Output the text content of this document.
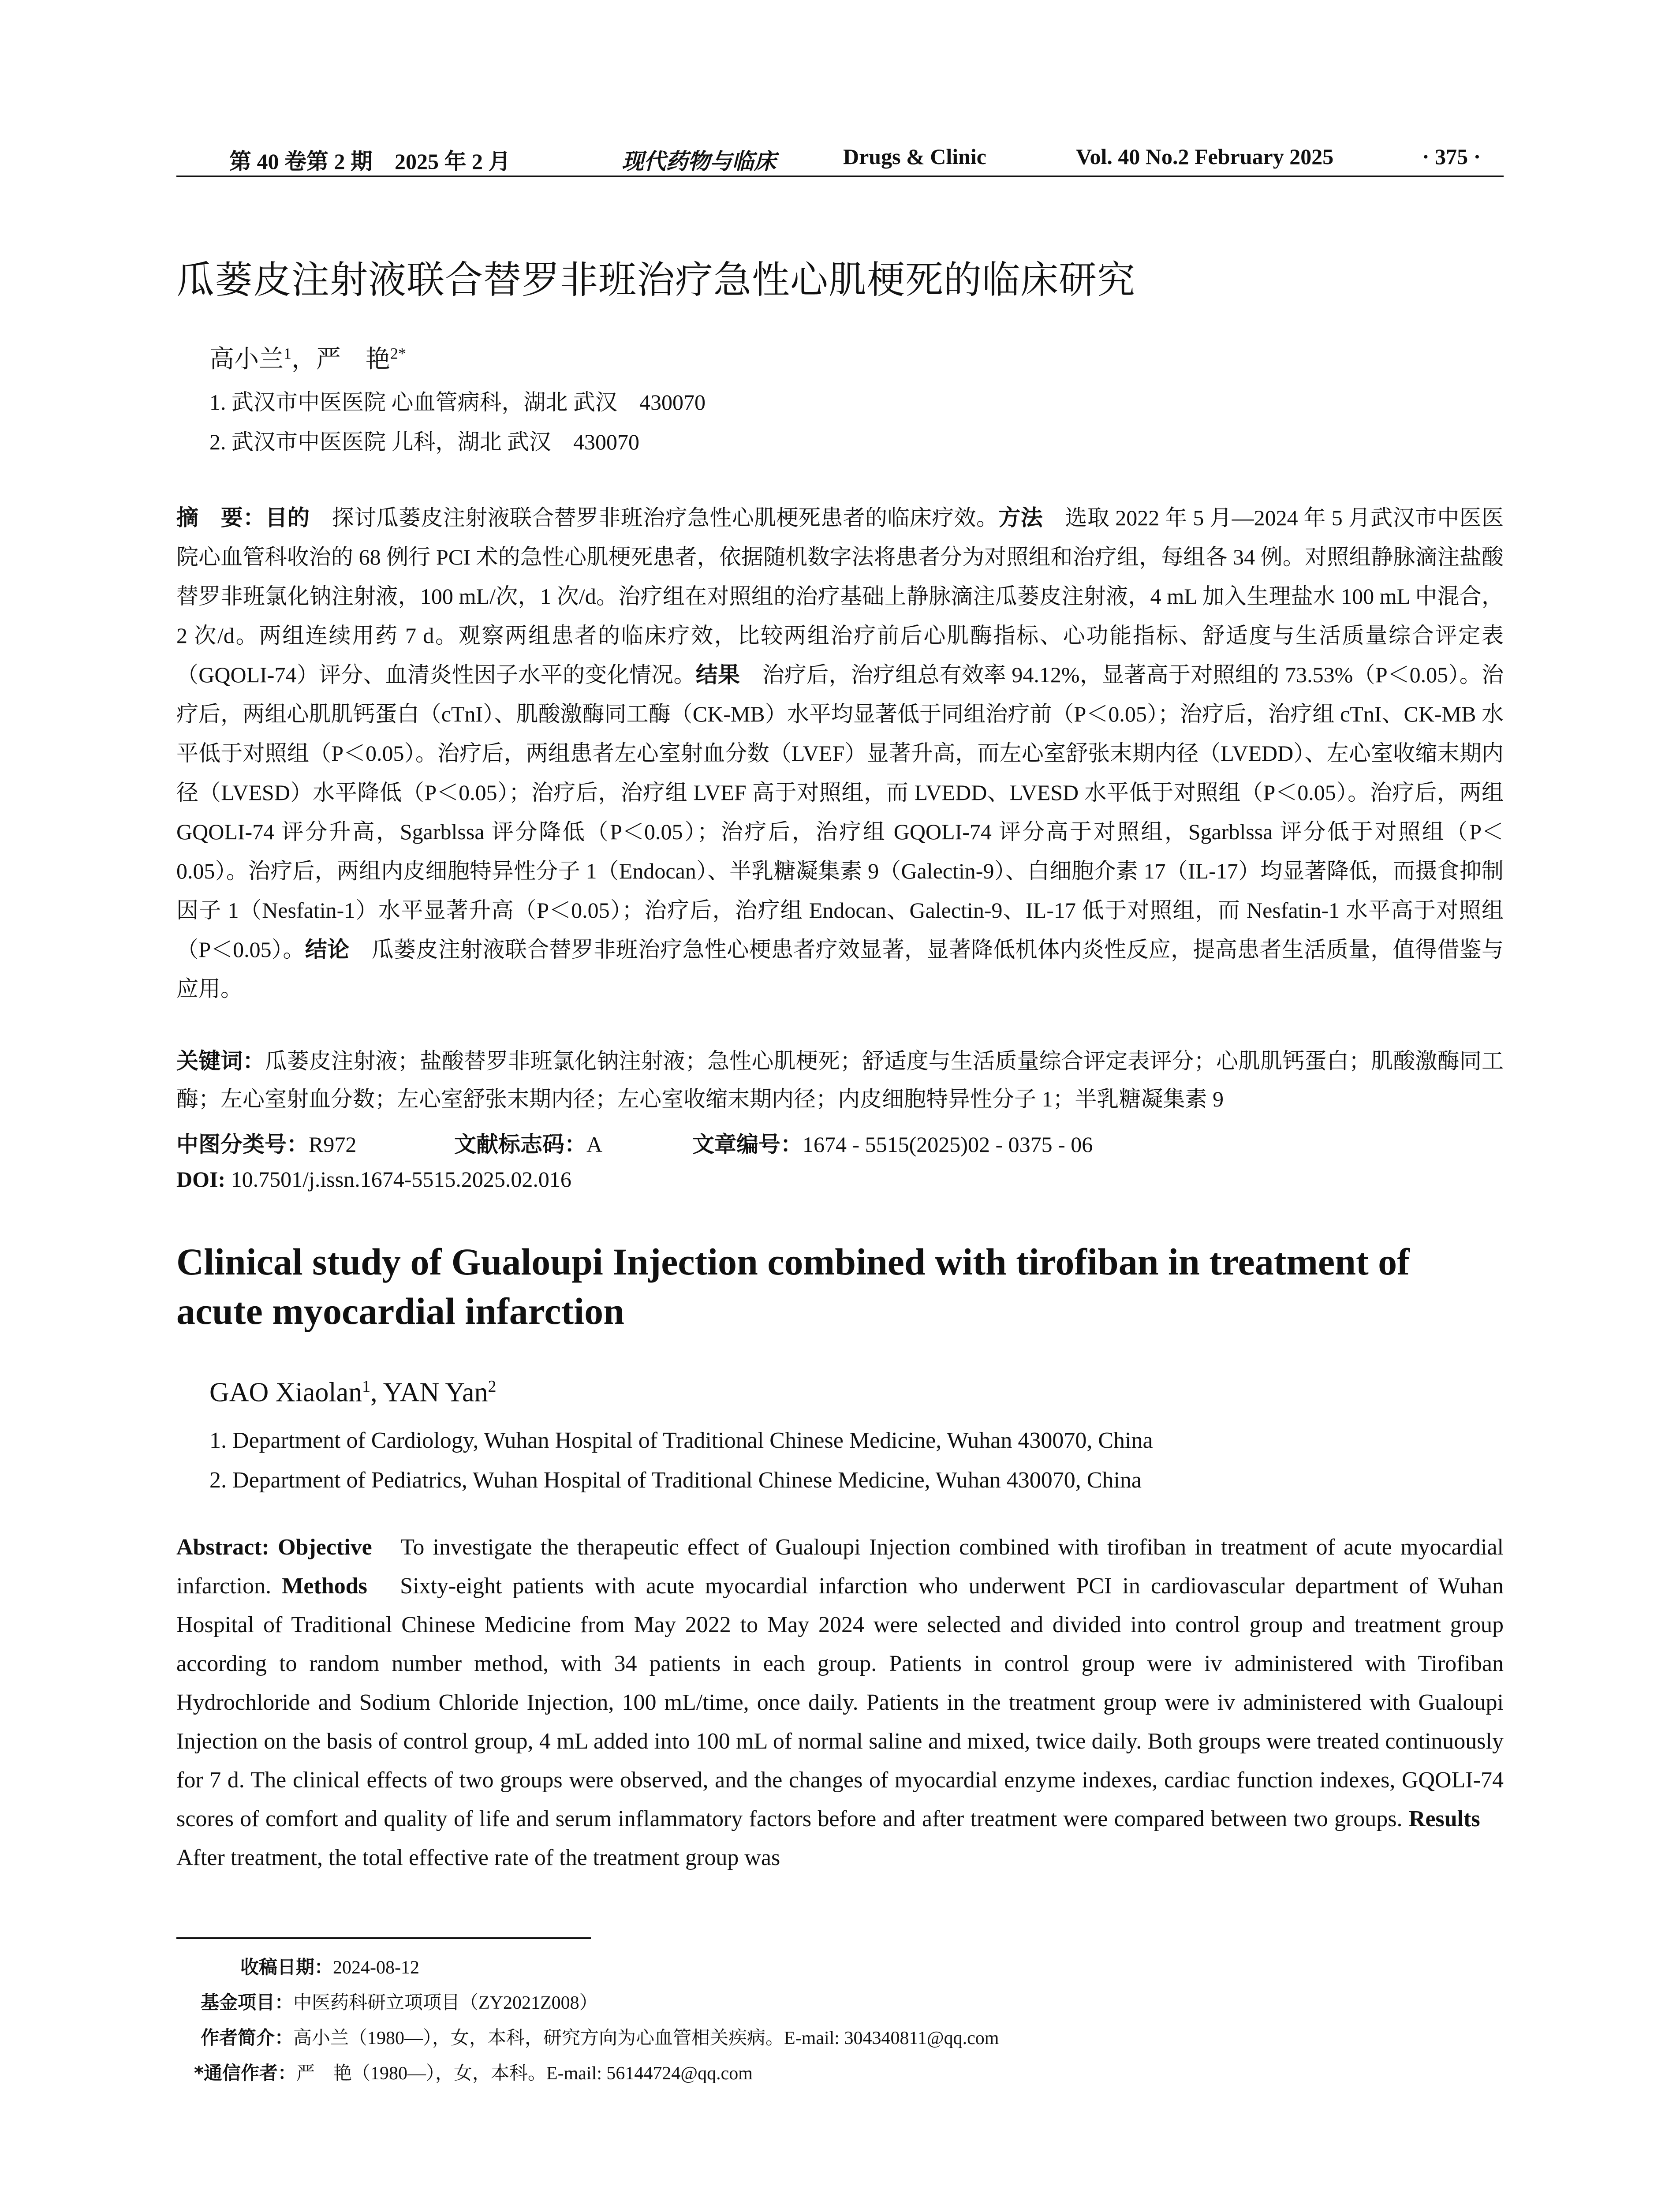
第 40 卷第 2 期　2025 年 2 月	现代药物与临床	Drugs & Clinic	Vol. 40 No.2 February 2025	· 375 ·
瓜蒌皮注射液联合替罗非班治疗急性心肌梗死的临床研究
高小兰$^1$，严　艳$^{2*}$
1. 武汉市中医医院 心血管病科，湖北 武汉　430070
2. 武汉市中医医院 儿科，湖北 武汉　430070

摘　要：目的　探讨瓜蒌皮注射液联合替罗非班治疗急性心肌梗死患者的临床疗效。方法　选取 2022 年 5 月—2024 年 5 月武汉市中医医院心血管科收治的 68 例行 PCI 术的急性心肌梗死患者，依据随机数字法将患者分为对照组和治疗组，每组各 34 例。对照组静脉滴注盐酸替罗非班氯化钠注射液，100 mL/次，1 次/d。治疗组在对照组的治疗基础上静脉滴注瓜蒌皮注射液，4 mL 加入生理盐水 100 mL 中混合，2 次/d。两组连续用药 7 d。观察两组患者的临床疗效，比较两组治疗前后心肌酶指标、心功能指标、舒适度与生活质量综合评定表（GQOLI-74）评分、血清炎性因子水平的变化情况。结果　治疗后，治疗组总有效率 94.12%，显著高于对照组的 73.53%（P＜0.05）。治疗后，两组心肌肌钙蛋白（cTnI）、肌酸激酶同工酶（CK-MB）水平均显著低于同组治疗前（P＜0.05）；治疗后，治疗组 cTnI、CK-MB 水平低于对照组（P＜0.05）。治疗后，两组患者左心室射血分数（LVEF）显著升高，而左心室舒张末期内径（LVEDD）、左心室收缩末期内径（LVESD）水平降低（P＜0.05）；治疗后，治疗组 LVEF 高于对照组，而 LVEDD、LVESD 水平低于对照组（P＜0.05）。治疗后，两组 GQOLI-74 评分升高，Sgarblssa 评分降低（P＜0.05）；治疗后，治疗组 GQOLI-74 评分高于对照组，Sgarblssa 评分低于对照组（P＜0.05）。治疗后，两组内皮细胞特异性分子 1（Endocan）、半乳糖凝集素 9（Galectin-9）、白细胞介素 17（IL-17）均显著降低，而摄食抑制因子 1（Nesfatin-1）水平显著升高（P＜0.05）；治疗后，治疗组 Endocan、Galectin-9、IL-17 低于对照组，而 Nesfatin-1 水平高于对照组（P＜0.05）。结论　瓜蒌皮注射液联合替罗非班治疗急性心梗患者疗效显著，显著降低机体内炎性反应，提高患者生活质量，值得借鉴与应用。

关键词：瓜蒌皮注射液；盐酸替罗非班氯化钠注射液；急性心肌梗死；舒适度与生活质量综合评定表评分；心肌肌钙蛋白；肌酸激酶同工酶；左心室射血分数；左心室舒张末期内径；左心室收缩末期内径；内皮细胞特异性分子 1；半乳糖凝集素 9

中图分类号：R972	文献标志码：A	文章编号：1674 - 5515(2025)02 - 0375 - 06
DOI: 10.7501/j.issn.1674-5515.2025.02.016
Clinical study of Gualoupi Injection combined with tirofiban in treatment of acute myocardial infarction
GAO Xiaolan$^1$, YAN Yan$^2$
1. Department of Cardiology, Wuhan Hospital of Traditional Chinese Medicine, Wuhan 430070, China
2. Department of Pediatrics, Wuhan Hospital of Traditional Chinese Medicine, Wuhan 430070, China

Abstract: Objective　To investigate the therapeutic effect of Gualoupi Injection combined with tirofiban in treatment of acute myocardial infarction. Methods　Sixty-eight patients with acute myocardial infarction who underwent PCI in cardiovascular department of Wuhan Hospital of Traditional Chinese Medicine from May 2022 to May 2024 were selected and divided into control group and treatment group according to random number method, with 34 patients in each group. Patients in control group were iv administered with Tirofiban Hydrochloride and Sodium Chloride Injection, 100 mL/time, once daily. Patients in the treatment group were iv administered with Gualoupi Injection on the basis of control group, 4 mL added into 100 mL of normal saline and mixed, twice daily. Both groups were treated continuously for 7 d. The clinical effects of two groups were observed, and the changes of myocardial enzyme indexes, cardiac function indexes, GQOLI-74 scores of comfort and quality of life and serum inflammatory factors before and after treatment were compared between two groups. Results　After treatment, the total effective rate of the treatment group was

收稿日期：2024-08-12
基金项目：中医药科研立项项目（ZY2021Z008）
作者简介：高小兰（1980—），女，本科，研究方向为心血管相关疾病。E-mail: 304340811@qq.com
*通信作者：严　艳（1980—），女，本科。E-mail: 56144724@qq.com
